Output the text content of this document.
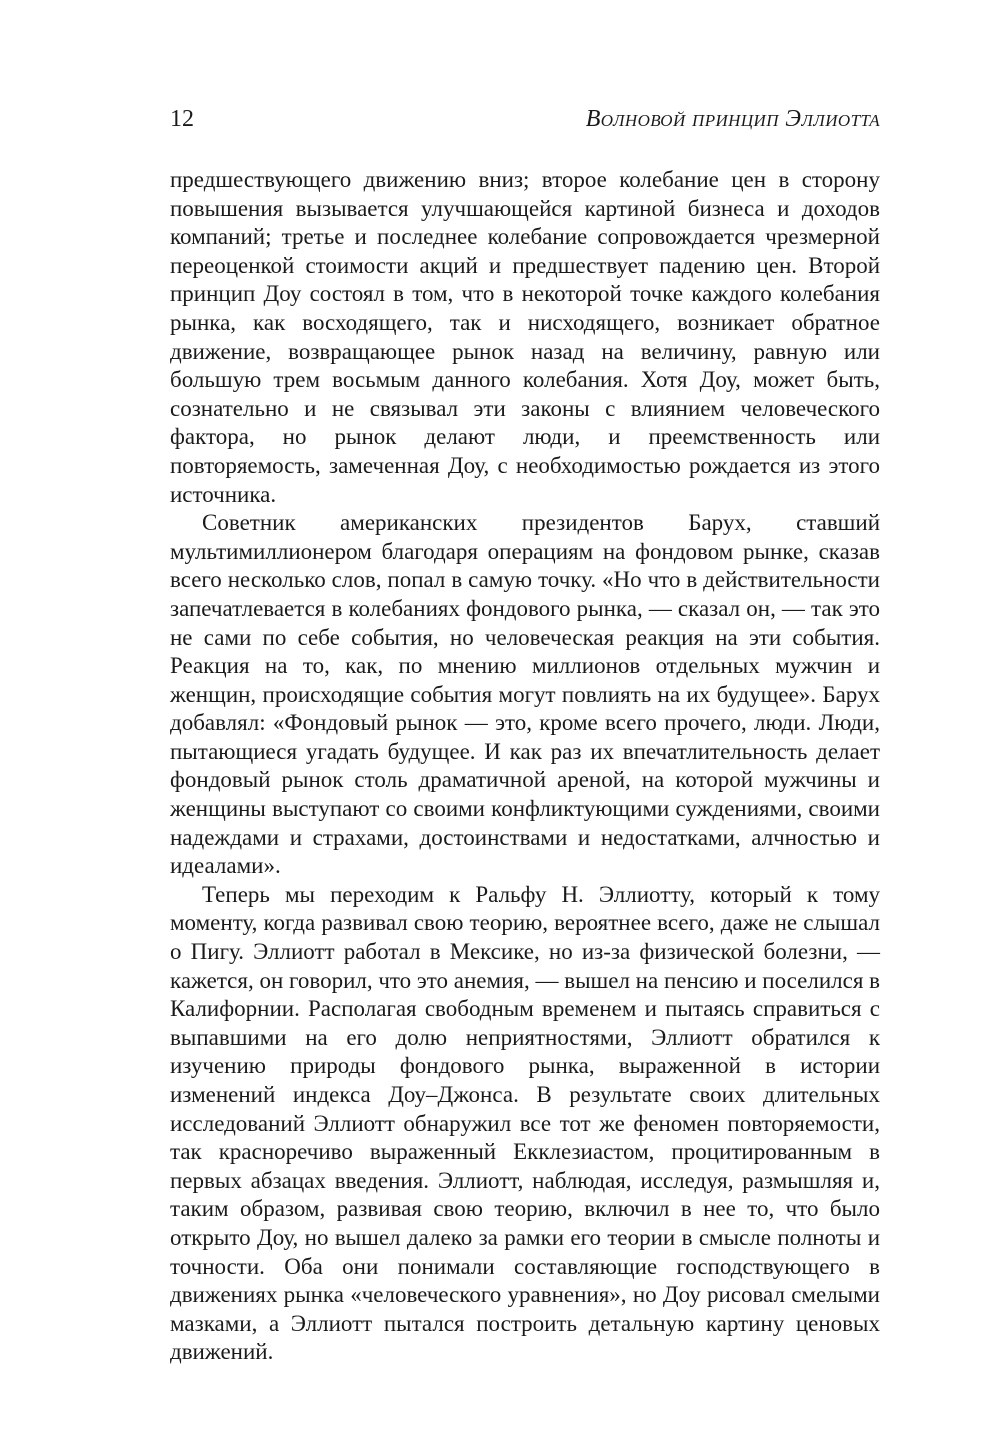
12	Волновой принцип Эллиотта

предшествующего движению вниз; второе колебание цен в сторону повышения вызывается улучшающейся картиной бизнеса и доходов компаний; третье и последнее колебание сопровождается чрезмерной переоценкой стоимости акций и предшествует падению цен. Второй принцип Доу состоял в том, что в некоторой точке каждого колебания рынка, как восходящего, так и нисходящего, возникает обратное движение, возвращающее рынок назад на величину, равную или большую трем восьмым данного колебания. Хотя Доу, может быть, сознательно и не связывал эти законы с влиянием человеческого фактора, но рынок делают люди, и преемственность или повторяемость, замеченная Доу, с необходимостью рождается из этого источника.

Советник американских президентов Барух, ставший мультимиллионером благодаря операциям на фондовом рынке, сказав всего несколько слов, попал в самую точку. «Но что в действительности запечатлевается в колебаниях фондового рынка, — сказал он, — так это не сами по себе события, но человеческая реакция на эти события. Реакция на то, как, по мнению миллионов отдельных мужчин и женщин, происходящие события могут повлиять на их будущее». Барух добавлял: «Фондовый рынок — это, кроме всего прочего, люди. Люди, пытающиеся угадать будущее. И как раз их впечатлительность делает фондовый рынок столь драматичной ареной, на которой мужчины и женщины выступают со своими конфликтующими суждениями, своими надеждами и страхами, достоинствами и недостатками, алчностью и идеалами».

Теперь мы переходим к Ральфу Н. Эллиотту, который к тому моменту, когда развивал свою теорию, вероятнее всего, даже не слышал о Пигу. Эллиотт работал в Мексике, но из-за физической болезни, — кажется, он говорил, что это анемия, — вышел на пенсию и поселился в Калифорнии. Располагая свободным временем и пытаясь справиться с выпавшими на его долю неприятностями, Эллиотт обратился к изучению природы фондового рынка, выраженной в истории изменений индекса Доу–Джонса. В результате своих длительных исследований Эллиотт обнаружил все тот же феномен повторяемости, так красноречиво выраженный Екклезиастом, процитированным в первых абзацах введения. Эллиотт, наблюдая, исследуя, размышляя и, таким образом, развивая свою теорию, включил в нее то, что было открыто Доу, но вышел далеко за рамки его теории в смысле полноты и точности. Оба они понимали составляющие господствующего в движениях рынка «человеческого уравнения», но Доу рисовал смелыми мазками, а Эллиотт пытался построить детальную картину ценовых движений.
